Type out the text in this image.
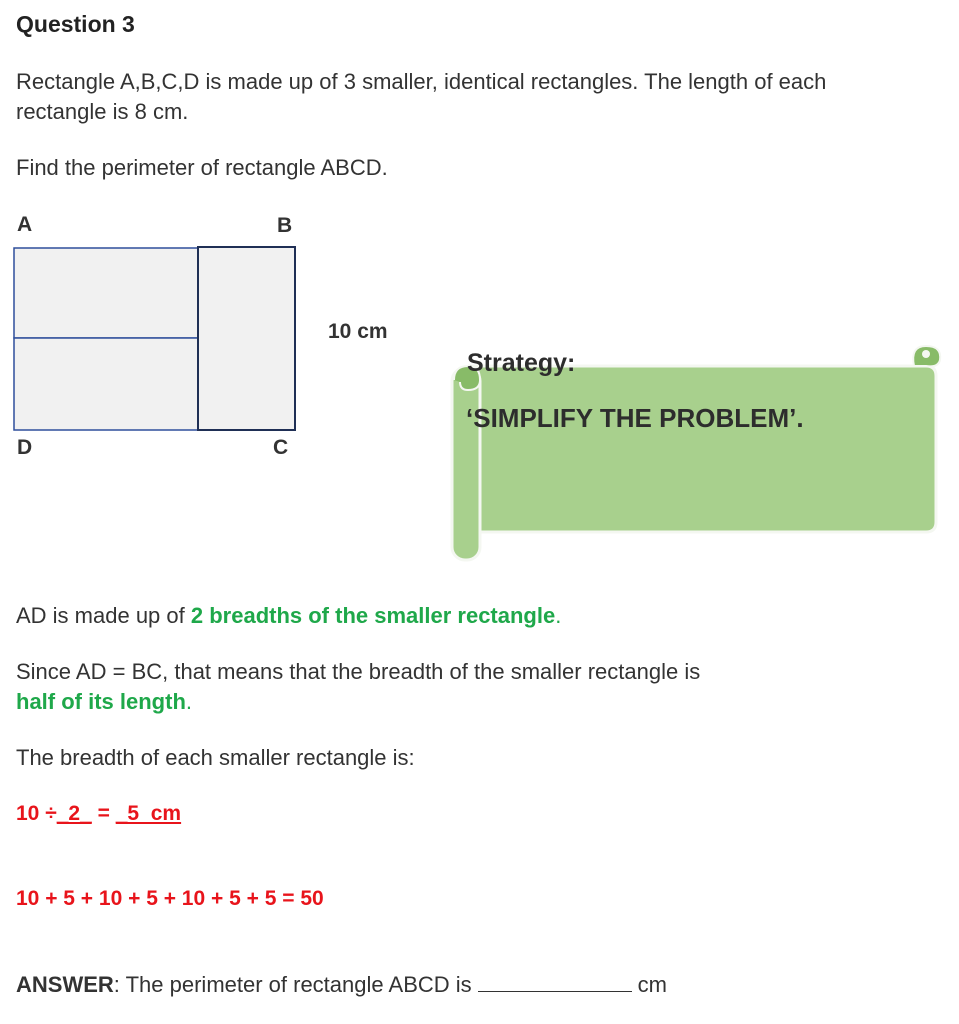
Question 3
Rectangle A,B,C,D is made up of 3 smaller, identical rectangles. The length of each
rectangle is 8 cm.
Find the perimeter of rectangle ABCD.
A	B
D	C
10 cm
Strategy:
‘SIMPLIFY THE PROBLEM’.
AD is made up of 2 breadths of the smaller rectangle.
Since AD = BC, that means that the breadth of the smaller rectangle is
half of its length.
The breadth of each smaller rectangle is:
10 ÷_2_ = _5  cm
10 + 5 + 10 + 5 + 10 + 5 + 5 = 50
ANSWER: The perimeter of rectangle ABCD is	cm
